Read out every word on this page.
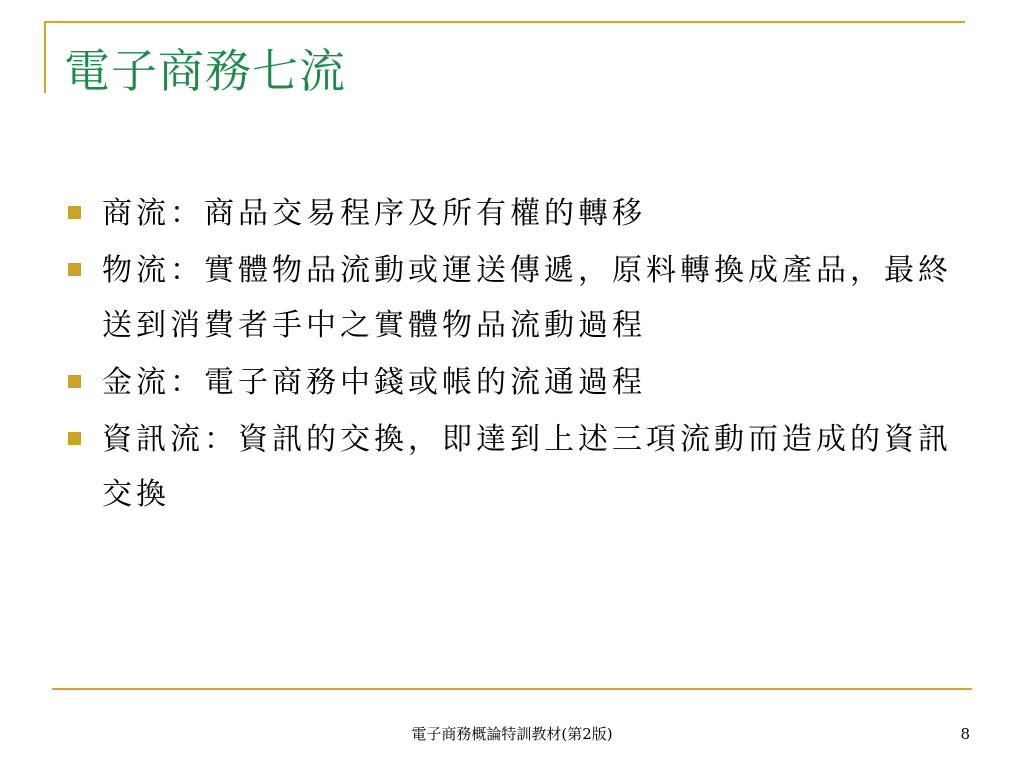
電子商務七流
商流：商品交易程序及所有權的轉移
物流：實體物品流動或運送傳遞，原料轉換成產品，最終送到消費者手中之實體物品流動過程
金流：電子商務中錢或帳的流通過程
資訊流：資訊的交換，即達到上述三項流動而造成的資訊交換
電子商務概論特訓教材(第2版)	8
